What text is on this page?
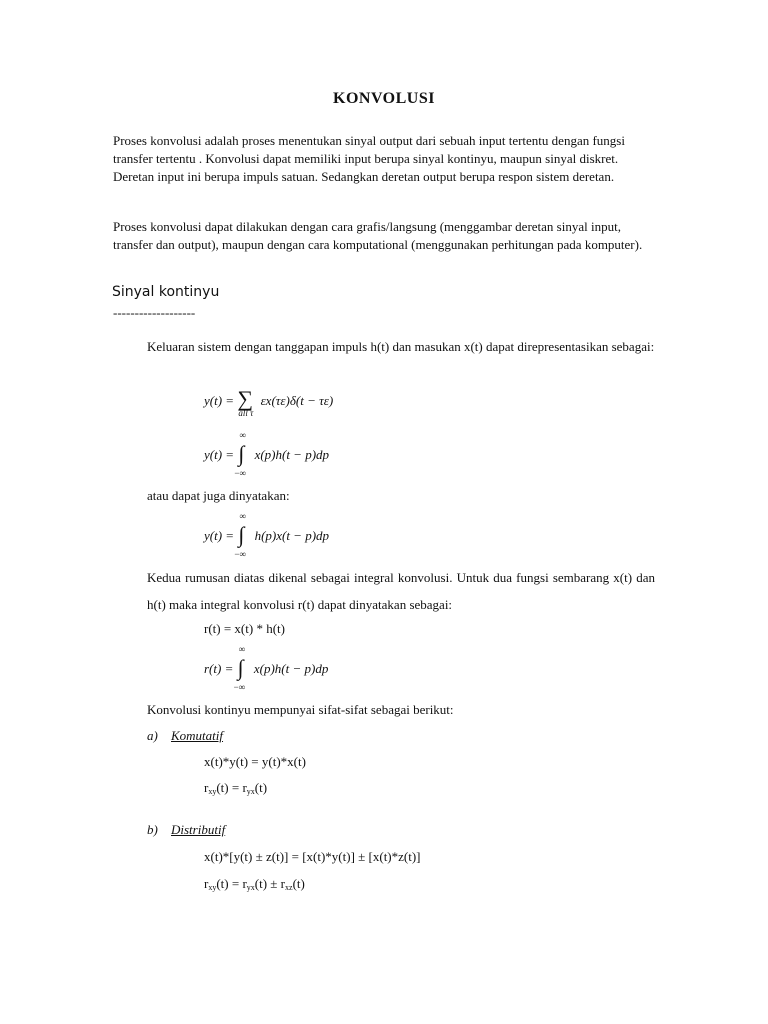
KONVOLUSI

Proses konvolusi adalah proses menentukan sinyal output dari sebuah input tertentu dengan fungsi transfer tertentu . Konvolusi dapat memiliki input berupa sinyal kontinyu, maupun sinyal diskret. Deretan input ini berupa impuls satuan. Sedangkan deretan output berupa respon sistem deretan.

Proses konvolusi dapat dilakukan dengan cara grafis/langsung (menggambar deretan sinyal input, transfer dan output), maupun dengan cara komputational (menggunakan perhitungan pada komputer).

Sinyal kontinyu
-------------------

Keluaran sistem dengan tanggapan impuls h(t) dan masukan x(t) dapat direpresentasikan sebagai:

y(t) = ∑
all τ
εx(τε)δ(t − τε)
y(t) =
∞
∫
−∞
x(p)h(t − p)dp
atau dapat juga dinyatakan:
y(t) =
∞
∫
−∞
h(p)x(t − p)dp

Kedua rumusan diatas dikenal sebagai integral konvolusi. Untuk dua fungsi sembarang x(t) dan h(t) maka integral konvolusi r(t) dapat dinyatakan sebagai:

r(t) = x(t) * h(t)
r(t) =
∞
∫
−∞
x(p)h(t − p)dp
Konvolusi kontinyu mempunyai sifat-sifat sebagai berikut:
a) Komutatif
x(t)*y(t) = y(t)*x(t)
$r_{xy}(t) = r_{yx}(t)$
b) Distributif
x(t)*[y(t) ± z(t)] = [x(t)*y(t)] ± [x(t)*z(t)]
$r_{xy}(t) = r_{yx}(t) \pm r_{xz}(t)$
